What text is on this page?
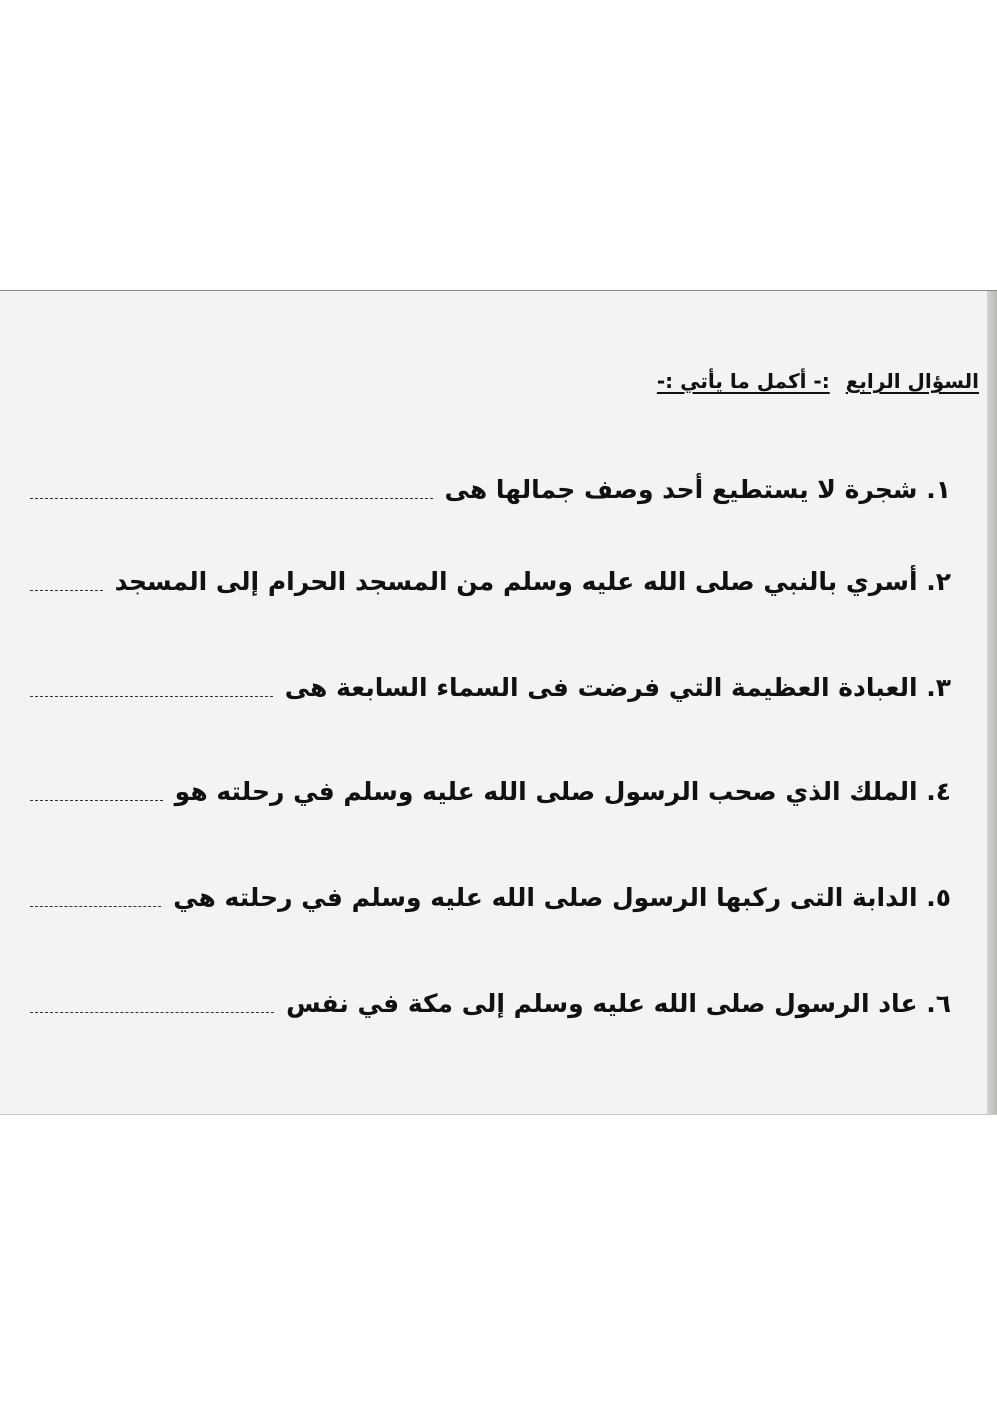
السؤال الرابع:- أكمل ما يأتي :-
١. شجرة لا يستطيع أحد وصف جمالها هى
٢. أسري بالنبي صلى الله عليه وسلم من المسجد الحرام إلى المسجد
٣. العبادة العظيمة التي فرضت فى السماء السابعة هى
٤. الملك الذي صحب الرسول صلى الله عليه وسلم في رحلته هو
٥. الدابة التى ركبها الرسول صلى الله عليه وسلم في رحلته هي
٦. عاد الرسول صلى الله عليه وسلم إلى مكة في نفس
